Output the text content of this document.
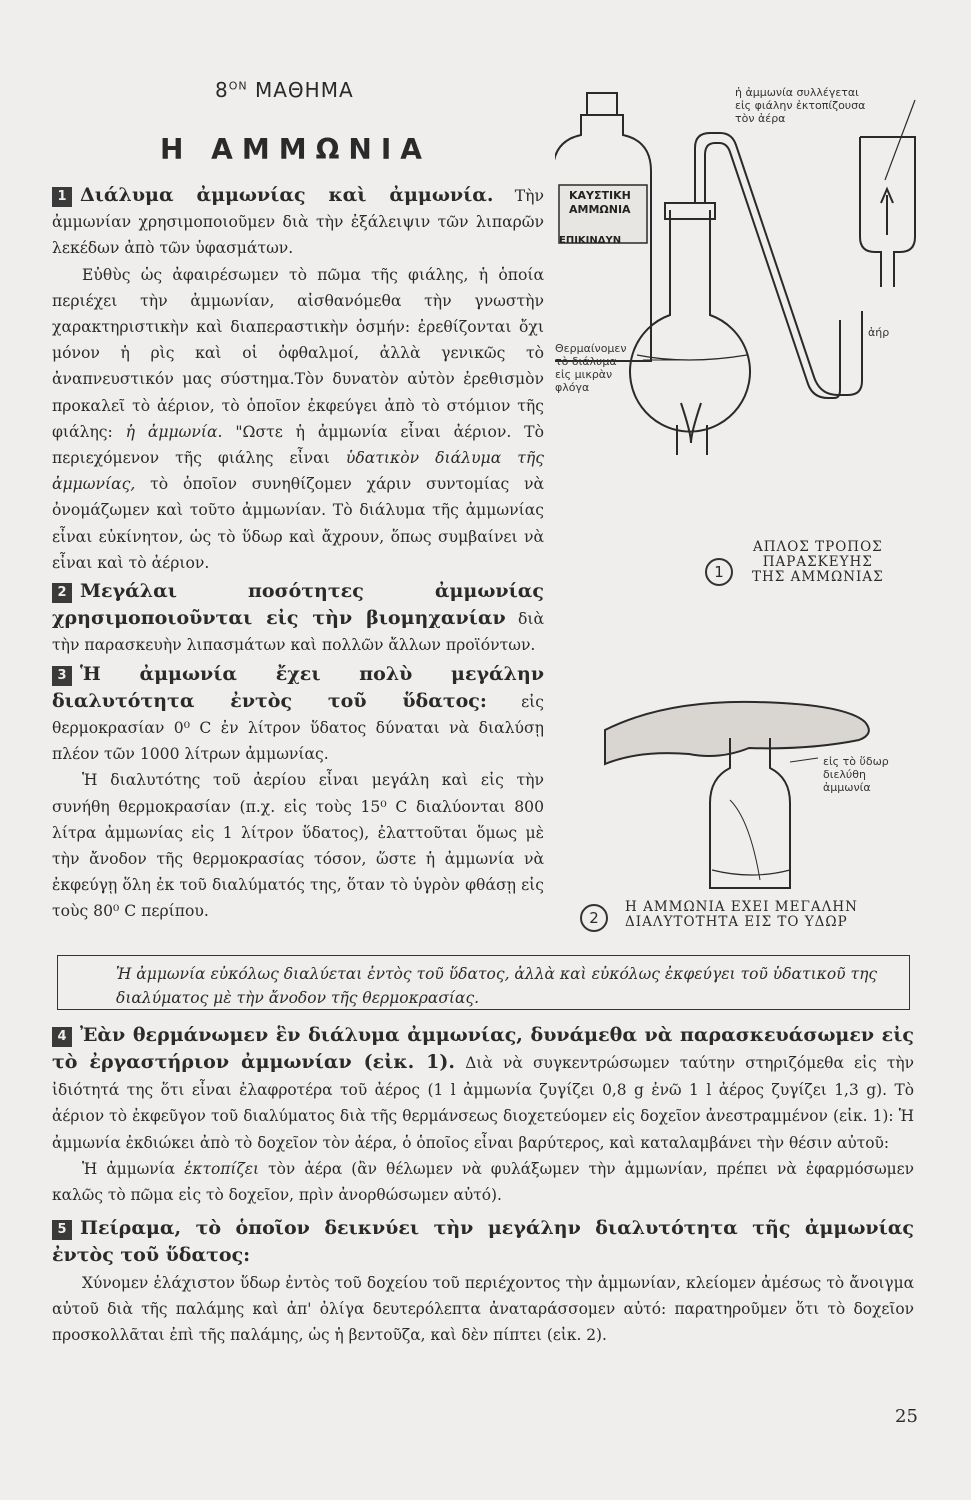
$8^{ON}$ ΜΑΘΗΜΑ
Η ΑΜΜΩΝΙΑ

1 Διάλυμα ἀμμωνίας καὶ ἀμμωνία. Τὴν ἀμμωνίαν χρησιμοποιοῦμεν διὰ τὴν ἐξάλειψιν τῶν λιπαρῶν λεκέδων ἀπὸ τῶν ὑφασμάτων.

Εὐθὺς ὡς ἀφαιρέσωμεν τὸ πῶμα τῆς φιάλης, ἡ ὁποία περιέχει τὴν ἀμμωνίαν, αἰσθανόμεθα τὴν γνωστὴν χαρακτηριστικὴν καὶ διαπεραστικὴν ὀσμήν: ἐρεθίζονται ὄχι μόνον ἡ ρὶς καὶ οἱ ὀφθαλμοί, ἀλλὰ γενικῶς τὸ ἀναπνευστικόν μας σύστημα.Τὸν δυνατὸν αὐτὸν ἐρεθισμὸν προκαλεῖ τὸ ἀέριον, τὸ ὁποῖον ἐκφεύγει ἀπὸ τὸ στόμιον τῆς φιάλης: ἡ ἀμμωνία. "Ωστε ἡ ἀμμωνία εἶναι ἀέριον. Τὸ περιεχόμενον τῆς φιάλης εἶναι ὑδατικὸν διάλυμα τῆς ἀμμωνίας, τὸ ὁποῖον συνηθίζομεν χάριν συντομίας νὰ ὀνομάζωμεν καὶ τοῦτο ἀμμωνίαν. Τὸ διάλυμα τῆς ἀμμωνίας εἶναι εὐκίνητον, ὡς τὸ ὕδωρ καὶ ἄχρουν, ὅπως συμβαίνει νὰ εἶναι καὶ τὸ ἀέριον.

2 Μεγάλαι ποσότητες ἀμμωνίας χρησιμοποιοῦνται εἰς τὴν βιομηχανίαν διὰ τὴν παρασκευὴν λιπασμάτων καὶ πολλῶν ἄλλων προϊόντων.

3 Ἡ ἀμμωνία ἔχει πολὺ μεγάλην διαλυτότητα ἐντὸς τοῦ ὕδατος: εἰς θερμοκρασίαν 0⁰ C ἐν λίτρον ὕδατος δύναται νὰ διαλύσῃ πλέον τῶν 1000 λίτρων ἀμμωνίας.

Ἡ διαλυτότης τοῦ ἀερίου εἶναι μεγάλη καὶ εἰς τὴν συνήθη θερμοκρασίαν (π.χ. εἰς τοὺς 15⁰ C διαλύονται 800 λίτρα ἀμμωνίας εἰς 1 λίτρον ὕδατος), ἐλαττοῦται ὅμως μὲ τὴν ἄνοδον τῆς θερμοκρασίας τόσον, ὥστε ἡ ἀμμωνία νὰ ἐκφεύγῃ ὅλη ἐκ τοῦ διαλύματός της, ὅταν τὸ ὑγρὸν φθάσῃ εἰς τοὺς 80⁰ C περίπου.

ΚΑΥΣΤΙΚΗ
ΑΜΜΩΝΙΑ
ΕΠΙΚΙΝΔΥΝ
ἡ ἀμμωνία συλλέγεται
εἰς φιάλην ἐκτοπίζουσα
τὸν ἀέρα
Θερμαίνομεν
τὸ διάλυμα
εἰς μικρὰν
φλόγα
ἀήρ
1
ΑΠΛΟΣ ΤΡΟΠΟΣ
ΠΑΡΑΣΚΕΥΗΣ
ΤΗΣ ΑΜΜΩΝΙΑΣ
εἰς τὸ ὕδωρ
διελύθη
ἀμμωνία
2
Η ΑΜΜΩΝΙΑ ΕΧΕΙ ΜΕΓΑΛΗΝ
ΔΙΑΛΥΤΟΤΗΤΑ ΕΙΣ ΤΟ ΥΔΩΡ
Ἡ ἀμμωνία εὐκόλως διαλύεται ἐντὸς τοῦ ὕδατος, ἀλλὰ καὶ εὐκόλως ἐκφεύγει τοῦ ὑδατικοῦ της διαλύματος μὲ τὴν ἄνοδον τῆς θερμοκρασίας.

4 Ἐὰν θερμάνωμεν ἓν διάλυμα ἀμμωνίας, δυνάμεθα νὰ παρασκευάσωμεν εἰς τὸ ἐργαστήριον ἀμμωνίαν (εἰκ. 1). Διὰ νὰ συγκεντρώσωμεν ταύτην στηριζόμεθα εἰς τὴν ἰδιότητά της ὅτι εἶναι ἐλαφροτέρα τοῦ ἀέρος (1 l ἀμμωνία ζυγίζει 0,8 g ἐνῶ 1 l ἀέρος ζυγίζει 1,3 g). Τὸ ἀέριον τὸ ἐκφεῦγον τοῦ διαλύματος διὰ τῆς θερμάνσεως διοχετεύομεν εἰς δοχεῖον ἀνεστραμμένον (εἰκ. 1): Ἡ ἀμμωνία ἐκδιώκει ἀπὸ τὸ δοχεῖον τὸν ἀέρα, ὁ ὁποῖος εἶναι βαρύτερος, καὶ καταλαμβάνει τὴν θέσιν αὐτοῦ:

Ἡ ἀμμωνία ἐκτοπίζει τὸν ἀέρα (ἂν θέλωμεν νὰ φυλάξωμεν τὴν ἀμμωνίαν, πρέπει νὰ ἐφαρμόσωμεν καλῶς τὸ πῶμα εἰς τὸ δοχεῖον, πρὶν ἀνορθώσωμεν αὐτό).

5 Πείραμα, τὸ ὁποῖον δεικνύει τὴν μεγάλην διαλυτότητα τῆς ἀμμωνίας ἐντὸς τοῦ ὕδατος:

Χύνομεν ἐλάχιστον ὕδωρ ἐντὸς τοῦ δοχείου τοῦ περιέχοντος τὴν ἀμμωνίαν, κλείομεν ἀμέσως τὸ ἄνοιγμα αὐτοῦ διὰ τῆς παλάμης καὶ ἀπ' ὀλίγα δευτερόλεπτα ἀναταράσσομεν αὐτό: παρατηροῦμεν ὅτι τὸ δοχεῖον προσκολλᾶται ἐπὶ τῆς παλάμης, ὡς ἡ βεντοῦζα, καὶ δὲν πίπτει (εἰκ. 2).

25
